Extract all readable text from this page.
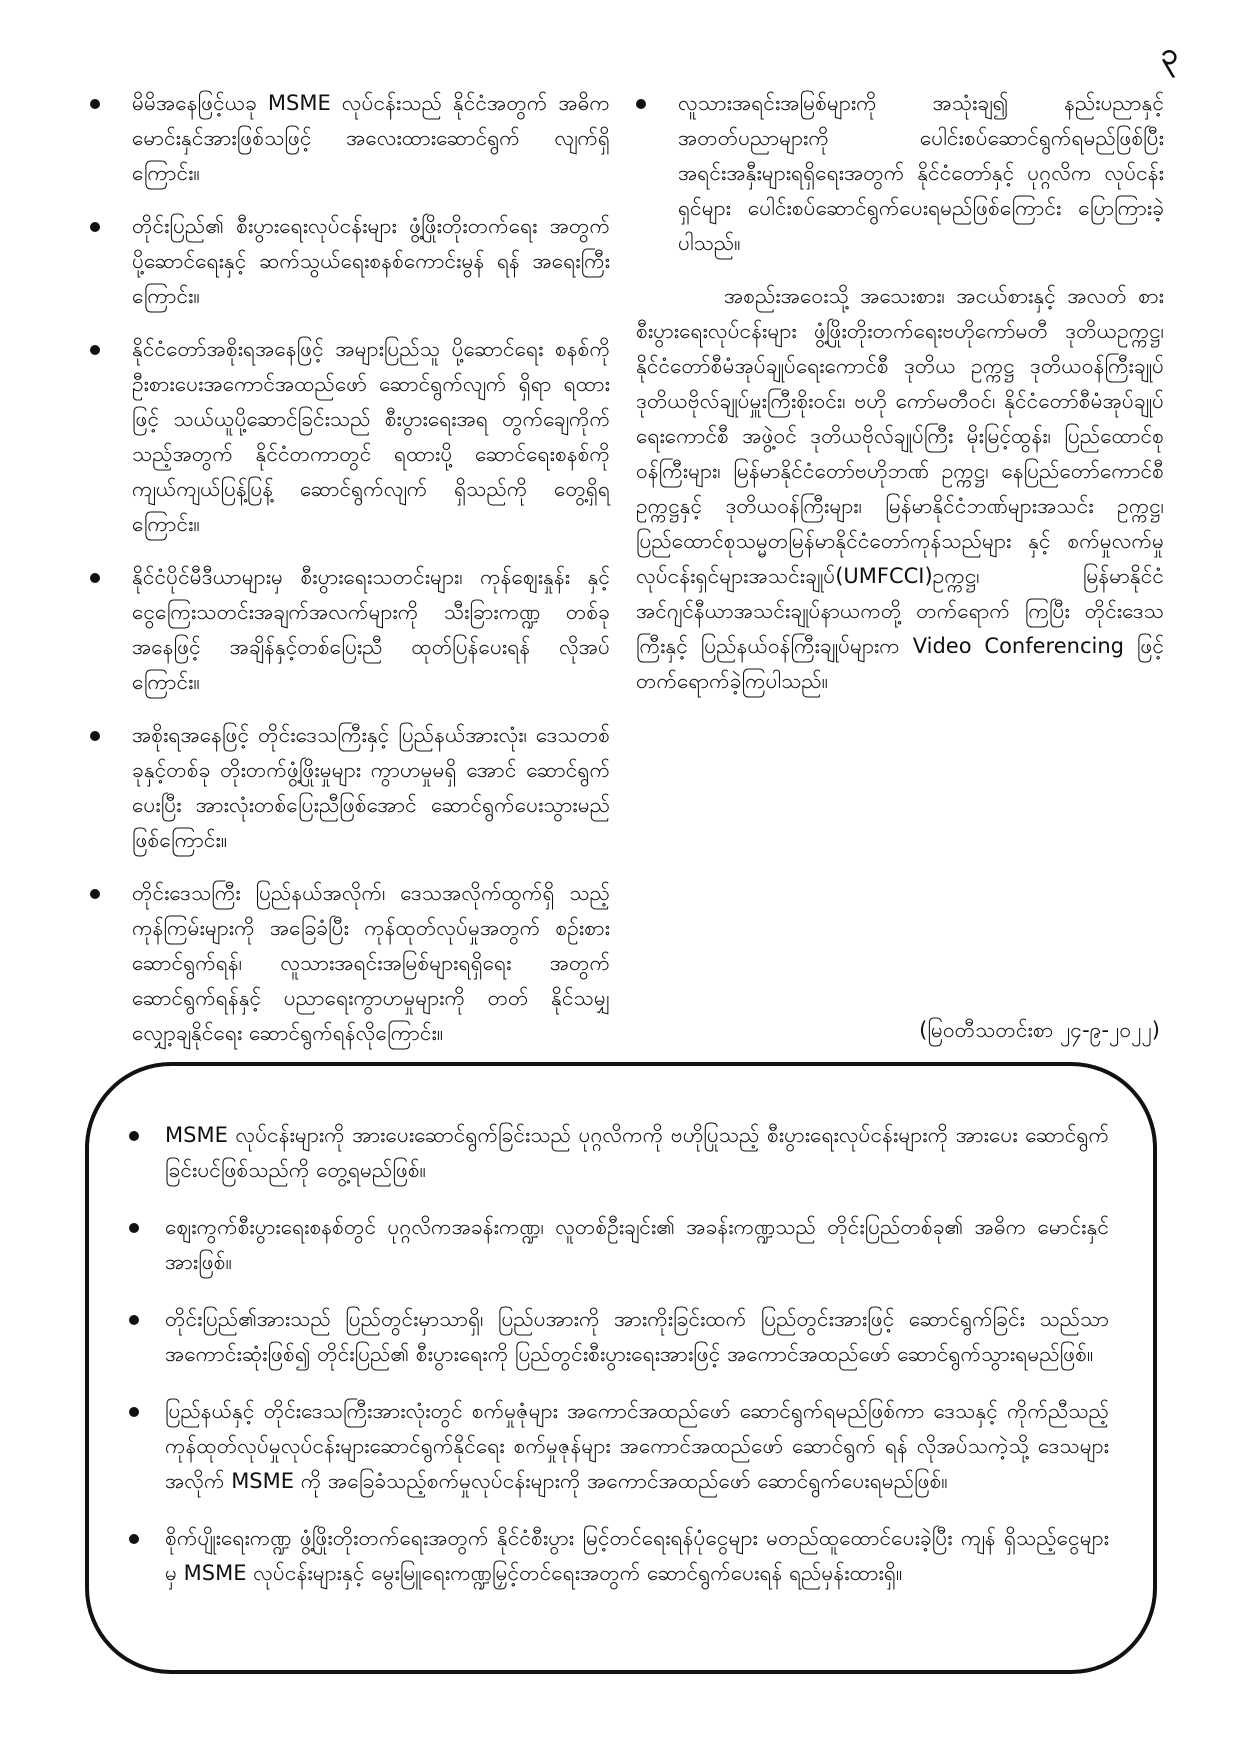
၃
မိမိအနေဖြင့်ယခု MSME လုပ်ငန်းသည် နိုင်ငံအတွက် အဓိကမောင်းနှင်အားဖြစ်သဖြင့် အလေးထားဆောင်ရွက် လျက်ရှိကြောင်း။
တိုင်းပြည်၏ စီးပွားရေးလုပ်ငန်းများ ဖွံ့ဖြိုးတိုးတက်ရေး အတွက် ပို့ဆောင်ရေးနှင့် ဆက်သွယ်ရေးစနစ်ကောင်းမွန် ရန် အရေးကြီးကြောင်း။
နိုင်ငံတော်အစိုးရအနေဖြင့် အများပြည်သူ ပို့ဆောင်ရေး စနစ်ကို ဦးစားပေးအကောင်အထည်ဖော် ဆောင်ရွက်လျက် ရှိရာ ရထားဖြင့် သယ်ယူပို့ဆောင်ခြင်းသည် စီးပွားရေးအရ တွက်ချေကိုက်သည့်အတွက် နိုင်ငံတကာတွင် ရထားပို့ ဆောင်ရေးစနစ်ကို ကျယ်ကျယ်ပြန့်ပြန့် ဆောင်ရွက်လျက် ရှိသည်ကို တွေ့ရှိရကြောင်း။
နိုင်ငံပိုင်မီဒီယာများမှ စီးပွားရေးသတင်းများ၊ ကုန်ဈေးနှုန်း နှင့် ငွေကြေးသတင်းအချက်အလက်များကို သီးခြားကဏ္ဍ တစ်ခုအနေဖြင့် အချိန်နှင့်တစ်ပြေးညီ ထုတ်ပြန်ပေးရန် လိုအပ်ကြောင်း။
အစိုးရအနေဖြင့် တိုင်းဒေသကြီးနှင့် ပြည်နယ်အားလုံး၊ ဒေသတစ်ခုနှင့်တစ်ခု တိုးတက်ဖွံ့ဖြိုးမှုများ ကွာဟမှုမရှိ အောင် ဆောင်ရွက်ပေးပြီး အားလုံးတစ်ပြေးညီဖြစ်အောင် ဆောင်ရွက်ပေးသွားမည်ဖြစ်ကြောင်း။
တိုင်းဒေသကြီး ပြည်နယ်အလိုက်၊ ဒေသအလိုက်ထွက်ရှိ သည့် ကုန်ကြမ်းများကို အခြေခံပြီး ကုန်ထုတ်လုပ်မှုအတွက် စဉ်းစားဆောင်ရွက်ရန်၊ လူသားအရင်းအမြစ်များရရှိရေး အတွက် ဆောင်ရွက်ရန်နှင့် ပညာရေးကွာဟမှုများကို တတ် နိုင်သမျှ လျှော့ချနိုင်ရေး ဆောင်ရွက်ရန်လိုကြောင်း။
လူသားအရင်းအမြစ်များကို အသုံးချ၍ နည်းပညာနှင့် အတတ်ပညာများကို ပေါင်းစပ်ဆောင်ရွက်ရမည်ဖြစ်ပြီး အရင်းအနှီးများရရှိရေးအတွက် နိုင်ငံတော်နှင့် ပုဂ္ဂလိက လုပ်ငန်းရှင်များ ပေါင်းစပ်ဆောင်ရွက်ပေးရမည်ဖြစ်ကြောင်း ပြောကြားခဲ့ပါသည်။

အစည်းအဝေးသို့ အသေးစား၊ အငယ်စားနှင့် အလတ် စား စီးပွားရေးလုပ်ငန်းများ ဖွံ့ဖြိုးတိုးတက်ရေးဗဟိုကော်မတီ ဒုတိယဥက္ကဋ္ဌ၊ နိုင်ငံတော်စီမံအုပ်ချုပ်ရေးကောင်စီ ဒုတိယ ဥက္ကဋ္ဌ ဒုတိယဝန်ကြီးချုပ် ဒုတိယဗိုလ်ချုပ်မှူးကြီးစိုးဝင်း၊ ဗဟို ကော်မတီဝင်၊ နိုင်ငံတော်စီမံအုပ်ချုပ်ရေးကောင်စီ အဖွဲ့ဝင် ဒုတိယဗိုလ်ချုပ်ကြီး မိုးမြင့်ထွန်း၊ ပြည်ထောင်စုဝန်ကြီးများ၊ မြန်မာနိုင်ငံတော်ဗဟိုဘဏ် ဥက္ကဋ္ဌ၊ နေပြည်တော်ကောင်စီ ဥက္ကဋ္ဌနှင့် ဒုတိယဝန်ကြီးများ၊ မြန်မာနိုင်ငံဘဏ်များအသင်း ဥက္ကဋ္ဌ၊ ပြည်ထောင်စုသမ္မတမြန်မာနိုင်ငံတော်ကုန်သည်များ နှင့် စက်မှုလက်မှုလုပ်ငန်းရှင်များအသင်းချုပ်(UMFCCI)ဥက္ကဋ္ဌ၊ မြန်မာနိုင်ငံအင်ဂျင်နီယာအသင်းချုပ်နာယကတို့ တက်ရောက် ကြပြီး တိုင်းဒေသကြီးနှင့် ပြည်နယ်ဝန်ကြီးချုပ်များက Video Conferencing ဖြင့်တက်ရောက်ခဲ့ကြပါသည်။

(မြဝတီသတင်းစာ ၂၄-၉-၂၀၂၂)
MSME လုပ်ငန်းများကို အားပေးဆောင်ရွက်ခြင်းသည် ပုဂ္ဂလိကကို ဗဟိုပြုသည့် စီးပွားရေးလုပ်ငန်းများကို အားပေး ဆောင်ရွက်ခြင်းပင်ဖြစ်သည်ကို တွေ့ရမည်ဖြစ်။
ဈေးကွက်စီးပွားရေးစနစ်တွင် ပုဂ္ဂလိကအခန်းကဏ္ဍ၊ လူတစ်ဦးချင်း၏ အခန်းကဏ္ဍသည် တိုင်းပြည်တစ်ခု၏ အဓိက မောင်းနှင်အားဖြစ်။
တိုင်းပြည်၏အားသည် ပြည်တွင်းမှာသာရှိ၊ ပြည်ပအားကို အားကိုးခြင်းထက် ပြည်တွင်းအားဖြင့် ဆောင်ရွက်ခြင်း သည်သာ အကောင်းဆုံးဖြစ်၍ တိုင်းပြည်၏ စီးပွားရေးကို ပြည်တွင်းစီးပွားရေးအားဖြင့် အကောင်အထည်ဖော် ဆောင်ရွက်သွားရမည်ဖြစ်။
ပြည်နယ်နှင့် တိုင်းဒေသကြီးအားလုံးတွင် စက်မှုဇုံများ အကောင်အထည်ဖော် ဆောင်ရွက်ရမည်ဖြစ်ကာ ဒေသနှင့် ကိုက်ညီသည့် ကုန်ထုတ်လုပ်မှုလုပ်ငန်းများဆောင်ရွက်နိုင်ရေး စက်မှုဇုန်များ အကောင်အထည်ဖော် ဆောင်ရွက် ရန် လိုအပ်သကဲ့သို့ ဒေသများအလိုက် MSME ကို အခြေခံသည့်စက်မှုလုပ်ငန်းများကို အကောင်အထည်ဖော် ဆောင်ရွက်ပေးရမည်ဖြစ်။
စိုက်ပျိုးရေးကဏ္ဍ ဖွံ့ဖြိုးတိုးတက်ရေးအတွက် နိုင်ငံစီးပွား မြင့်တင်ရေးရန်ပုံငွေများ မတည်ထူထောင်ပေးခဲ့ပြီး ကျန် ရှိသည့်ငွေများမှ MSME လုပ်ငန်းများနှင့် မွေးမြူရေးကဏ္ဍမြှင့်တင်ရေးအတွက် ဆောင်ရွက်ပေးရန် ရည်မှန်းထားရှိ။
